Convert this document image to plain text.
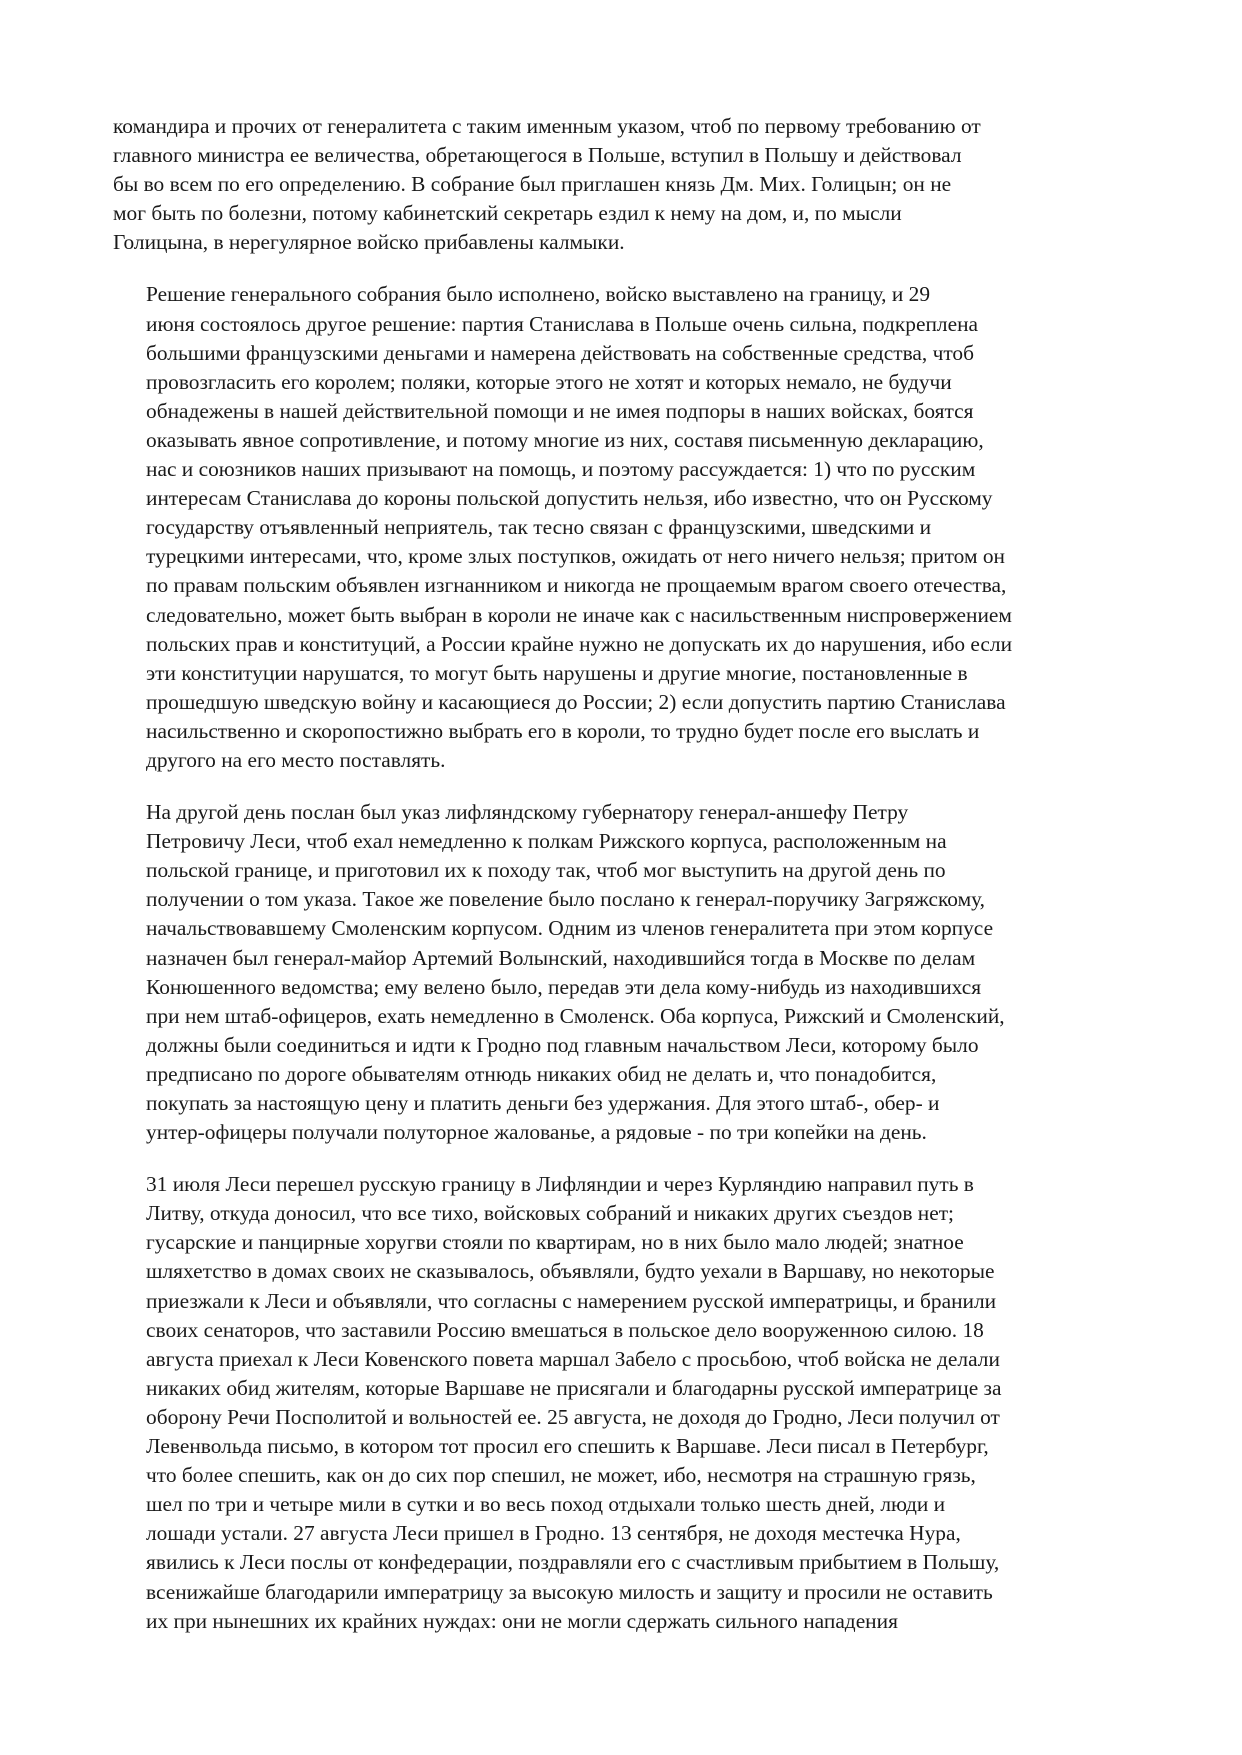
командира и прочих от генералитета с таким именным указом, чтоб по первому требованию от
главного министра ее величества, обретающегося в Польше, вступил в Польшу и действовал
бы во всем по его определению. В собрание был приглашен князь Дм. Мих. Голицын; он не
мог быть по болезни, потому кабинетский секретарь ездил к нему на дом, и, по мысли
Голицына, в нерегулярное войско прибавлены калмыки.
Решение генерального собрания было исполнено, войско выставлено на границу, и 29
июня состоялось другое решение: партия Станислава в Польше очень сильна, подкреплена
большими французскими деньгами и намерена действовать на собственные средства, чтоб
провозгласить его королем; поляки, которые этого не хотят и которых немало, не будучи
обнадежены в нашей действительной помощи и не имея подпоры в наших войсках, боятся
оказывать явное сопротивление, и потому многие из них, составя письменную декларацию,
нас и союзников наших призывают на помощь, и поэтому рассуждается: 1) что по русским
интересам Станислава до короны польской допустить нельзя, ибо известно, что он Русскому
государству отъявленный неприятель, так тесно связан с французскими, шведскими и
турецкими интересами, что, кроме злых поступков, ожидать от него ничего нельзя; притом он
по правам польским объявлен изгнанником и никогда не прощаемым врагом своего отечества,
следовательно, может быть выбран в короли не иначе как с насильственным ниспровержением
польских прав и конституций, а России крайне нужно не допускать их до нарушения, ибо если
эти конституции нарушатся, то могут быть нарушены и другие многие, постановленные в
прошедшую шведскую войну и касающиеся до России; 2) если допустить партию Станислава
насильственно и скоропостижно выбрать его в короли, то трудно будет после его выслать и
другого на его место поставлять.
На другой день послан был указ лифляндскому губернатору генерал-аншефу Петру
Петровичу Леси, чтоб ехал немедленно к полкам Рижского корпуса, расположенным на
польской границе, и приготовил их к походу так, чтоб мог выступить на другой день по
получении о том указа. Такое же повеление было послано к генерал-поручику Загряжскому,
начальствовавшему Смоленским корпусом. Одним из членов генералитета при этом корпусе
назначен был генерал-майор Артемий Волынский, находившийся тогда в Москве по делам
Конюшенного ведомства; ему велено было, передав эти дела кому-нибудь из находившихся
при нем штаб-офицеров, ехать немедленно в Смоленск. Оба корпуса, Рижский и Смоленский,
должны были соединиться и идти к Гродно под главным начальством Леси, которому было
предписано по дороге обывателям отнюдь никаких обид не делать и, что понадобится,
покупать за настоящую цену и платить деньги без удержания. Для этого штаб-, обер- и
унтер-офицеры получали полуторное жалованье, а рядовые - по три копейки на день.
31 июля Леси перешел русскую границу в Лифляндии и через Курляндию направил путь в
Литву, откуда доносил, что все тихо, войсковых собраний и никаких других съездов нет;
гусарские и панцирные хоругви стояли по квартирам, но в них было мало людей; знатное
шляхетство в домах своих не сказывалось, объявляли, будто уехали в Варшаву, но некоторые
приезжали к Леси и объявляли, что согласны с намерением русской императрицы, и бранили
своих сенаторов, что заставили Россию вмешаться в польское дело вооруженною силою. 18
августа приехал к Леси Ковенского повета маршал Забело с просьбою, чтоб войска не делали
никаких обид жителям, которые Варшаве не присягали и благодарны русской императрице за
оборону Речи Посполитой и вольностей ее. 25 августа, не доходя до Гродно, Леси получил от
Левенвольда письмо, в котором тот просил его спешить к Варшаве. Леси писал в Петербург,
что более спешить, как он до сих пор спешил, не может, ибо, несмотря на страшную грязь,
шел по три и четыре мили в сутки и во весь поход отдыхали только шесть дней, люди и
лошади устали. 27 августа Леси пришел в Гродно. 13 сентября, не доходя местечка Нура,
явились к Леси послы от конфедерации, поздравляли его с счастливым прибытием в Польшу,
всенижайше благодарили императрицу за высокую милость и защиту и просили не оставить
их при нынешних их крайних нуждах: они не могли сдержать сильного нападения
